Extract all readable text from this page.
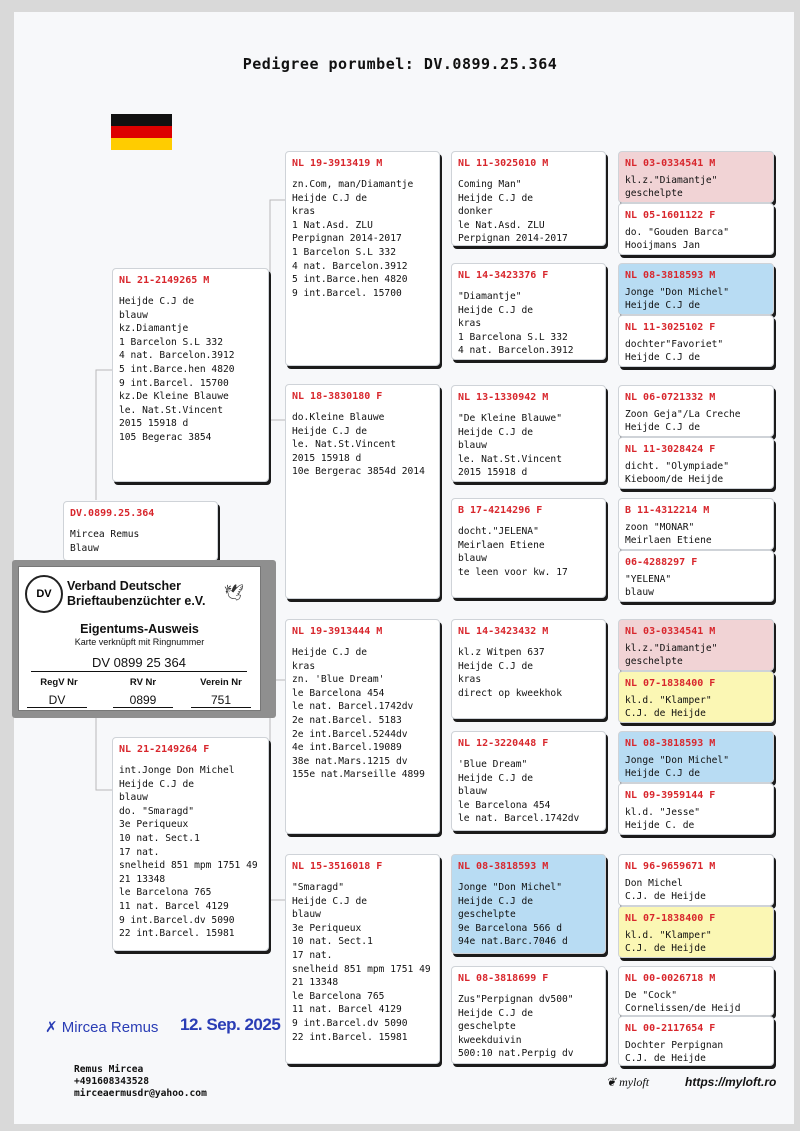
Pedigree porumbel: DV.0899.25.364
DV.0899.25.364
Mircea Remus
Blauw
NL 21-2149265 M
Heijde C.J de
blauw
kz.Diamantje
1 Barcelon S.L 332
4 nat. Barcelon.3912
5 int.Barce.hen 4820
9 int.Barcel. 15700
kz.De Kleine Blauwe
le. Nat.St.Vincent
2015 15918 d
105 Begerac 3854
NL 21-2149264 F
int.Jonge Don Michel
Heijde C.J de
blauw
do. "Smaragd"
3e Periqueux
10 nat. Sect.1
17 nat.
snelheid 851 mpm 1751 49
21 13348
le Barcelona 765
11 nat. Barcel 4129
9 int.Barcel.dv 5090
22 int.Barcel. 15981
NL 19-3913419 M
zn.Com, man/Diamantje
Heijde C.J de
kras
1 Nat.Asd. ZLU
Perpignan 2014-2017
1 Barcelon S.L 332
4 nat. Barcelon.3912
5 int.Barce.hen 4820
9 int.Barcel. 15700
NL 18-3830180 F
do.Kleine Blauwe
Heijde C.J de
le. Nat.St.Vincent
2015 15918 d
10e Bergerac 3854d 2014
NL 19-3913444 M
Heijde C.J de
kras
zn. 'Blue Dream'
le Barcelona 454
le nat. Barcel.1742dv
2e nat.Barcel. 5183
2e int.Barcel.5244dv
4e int.Barcel.19089
38e nat.Mars.1215 dv
155e nat.Marseille 4899
NL 15-3516018 F
"Smaragd"
Heijde C.J de
blauw
3e Periqueux
10 nat. Sect.1
17 nat.
snelheid 851 mpm 1751 49
21 13348
le Barcelona 765
11 nat. Barcel 4129
9 int.Barcel.dv 5090
22 int.Barcel. 15981
NL 11-3025010 M
Coming Man"
Heijde C.J de
donker
le Nat.Asd. ZLU
Perpignan 2014-2017
NL 14-3423376 F
"Diamantje"
Heijde C.J de
kras
1 Barcelona S.L 332
4 nat. Barcelon.3912
NL 13-1330942 M
"De Kleine Blauwe"
Heijde C.J de
blauw
le. Nat.St.Vincent
2015 15918 d
B 17-4214296 F
docht."JELENA"
Meirlaen Etiene
blauw
te leen voor kw. 17
NL 14-3423432 M
kl.z Witpen 637
Heijde C.J de
kras
direct op kweekhok
NL 12-3220448 F
'Blue Dream"
Heijde C.J de
blauw
le Barcelona 454
le nat. Barcel.1742dv
NL 08-3818593 M
Jonge "Don Michel"
Heijde C.J de
geschelpte
9e Barcelona 566 d
94e nat.Barc.7046 d
NL 08-3818699 F
Zus"Perpignan dv500"
Heijde C.J de
geschelpte
kweekduivin
500:10 nat.Perpig dv
NL 03-0334541 M
kl.z."Diamantje"
geschelpte
NL 05-1601122 F
do. "Gouden Barca"
Hooijmans Jan
NL 08-3818593 M
Jonge "Don Michel"
Heijde C.J de
NL 11-3025102 F
dochter"Favoriet"
Heijde C.J de
NL 06-0721332 M
Zoon Geja"/La Creche
Heijde C.J de
NL 11-3028424 F
dicht. "Olympiade"
Kieboom/de Heijde
B 11-4312214 M
zoon "MONAR"
Meirlaen Etiene
06-4288297 F
"YELENA"
blauw
NL 03-0334541 M
kl.z."Diamantje"
geschelpte
NL 07-1838400 F
kl.d. "Klamper"
C.J. de Heijde
NL 08-3818593 M
Jonge "Don Michel"
Heijde C.J de
NL 09-3959144 F
kl.d. "Jesse"
Heijde C. de
NL 96-9659671 M
Don Michel
C.J. de Heijde
NL 07-1838400 F
kl.d. "Klamper"
C.J. de Heijde
NL 00-0026718 M
De "Cock"
Cornelissen/de Heijd
NL 00-2117654 F
Dochter Perpignan
C.J. de Heijde
DV
Verband Deutscher
Brieftaubenzüchter e.V. 🕊
Eigentums-Ausweis
Karte verknüpft mit Ringnummer
DV 0899 25 364
RegV Nr	RV Nr	Verein Nr
DV	0899	751
✗ Mircea Remus 12. Sep. 2025
Remus Mircea
+491608343528
mirceaermusdr@yahoo.com
❦ myloft	https://myloft.ro
